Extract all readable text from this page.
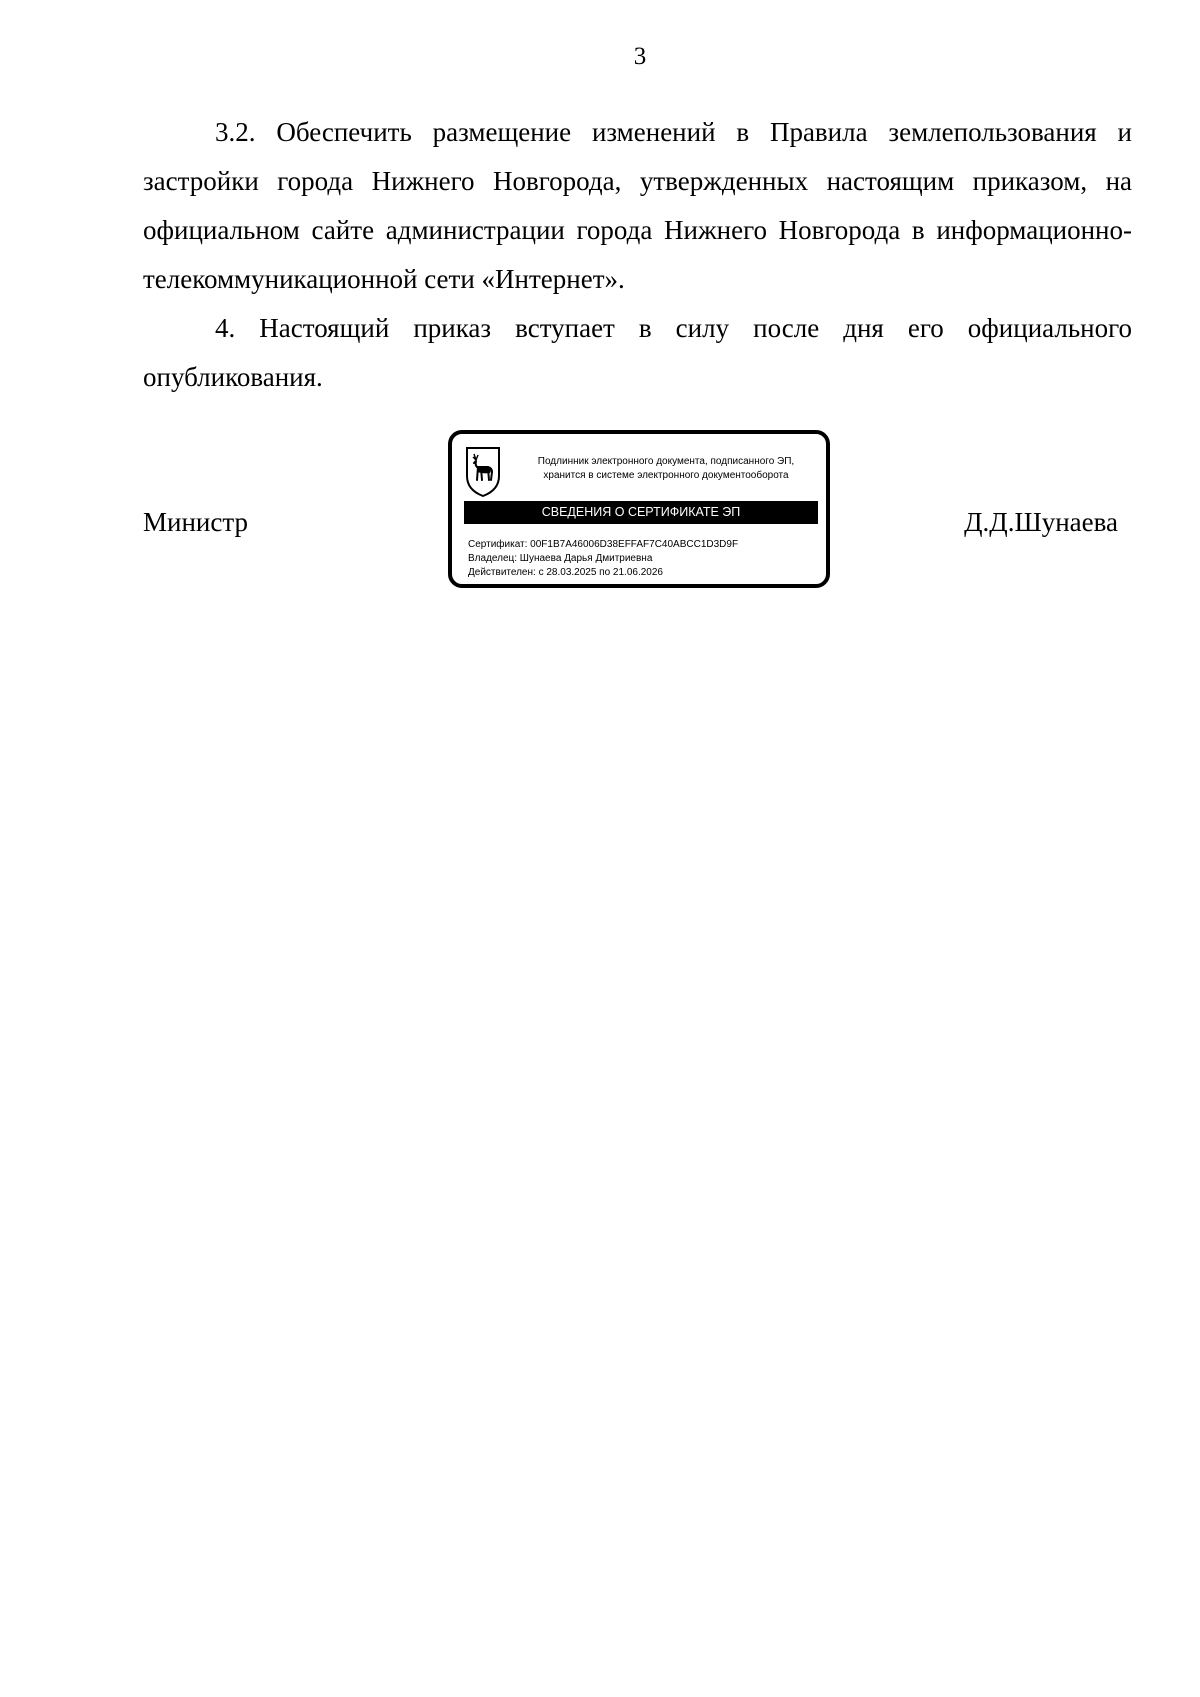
3

3.2. Обеспечить размещение изменений в Правила землепользования и застройки города Нижнего Новгорода, утвержденных настоящим приказом, на официальном сайте администрации города Нижнего Новгорода в информационно-телекоммуникационной сети «Интернет».

4. Настоящий приказ вступает в силу после дня его официального опубликования.

Министр	Д.Д.Шунаева
Подлинник электронного документа, подписанного ЭП,
хранится в системе электронного документооборота
СВЕДЕНИЯ О СЕРТИФИКАТЕ ЭП
Сертификат: 00F1B7A46006D38EFFAF7C40ABCC1D3D9F
Владелец: Шунаева Дарья Дмитриевна
Действителен: с 28.03.2025 по 21.06.2026
